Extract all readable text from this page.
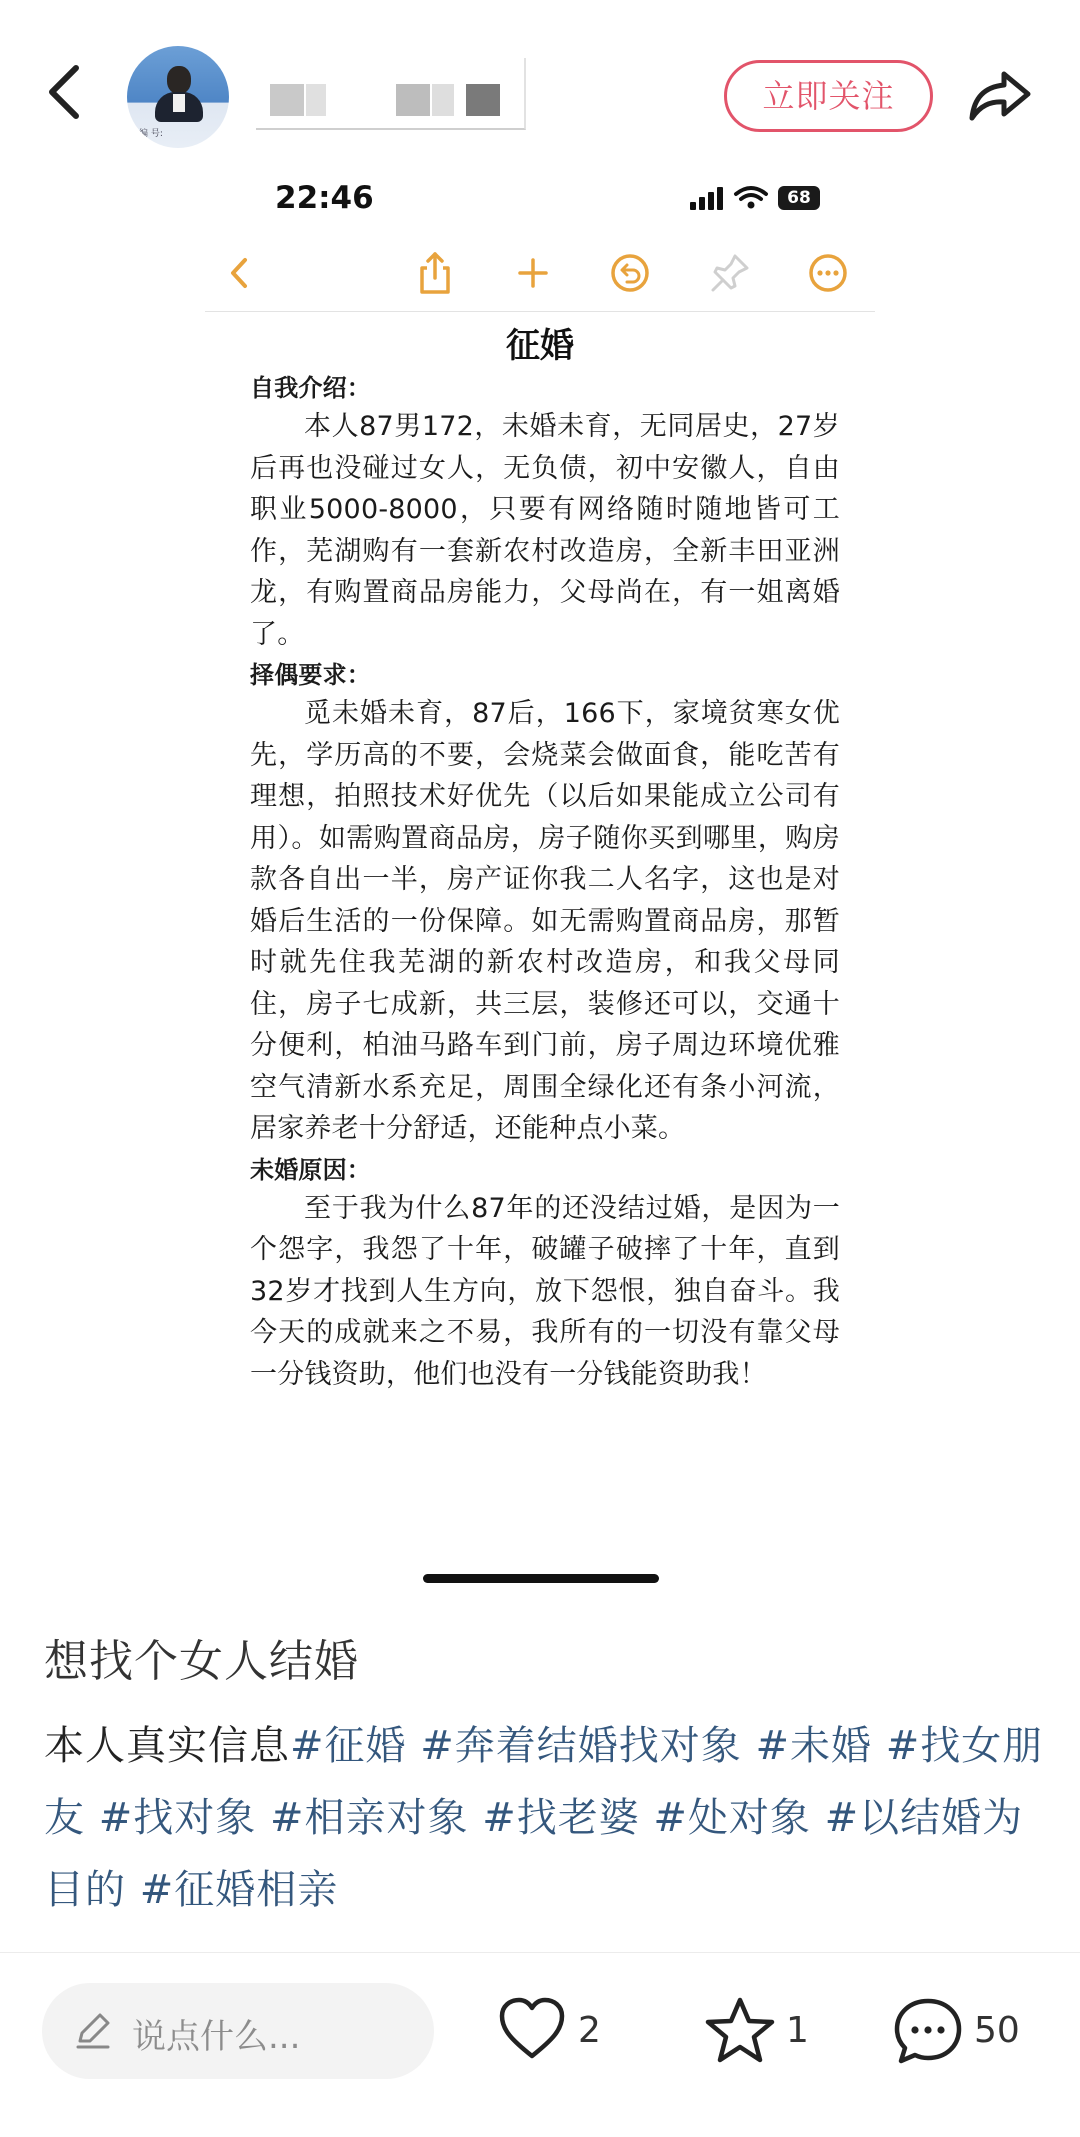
编 号:
立即关注
22:46	68
征婚
自我介绍：

本人87男172，未婚未育，无同居史，27岁后再也没碰过女人，无负债，初中安徽人，自由职业5000-8000，只要有网络随时随地皆可工作，芜湖购有一套新农村改造房，全新丰田亚洲龙，有购置商品房能力，父母尚在，有一姐离婚了。

择偶要求：

觅未婚未育，87后，166下，家境贫寒女优先，学历高的不要，会烧菜会做面食，能吃苦有理想，拍照技术好优先（以后如果能成立公司有用）。如需购置商品房，房子随你买到哪里，购房款各自出一半，房产证你我二人名字，这也是对婚后生活的一份保障。如无需购置商品房，那暂时就先住我芜湖的新农村改造房，和我父母同住，房子七成新，共三层，装修还可以，交通十分便利，柏油马路车到门前，房子周边环境优雅空气清新水系充足，周围全绿化还有条小河流，居家养老十分舒适，还能种点小菜。

未婚原因：

至于我为什么87年的还没结过婚，是因为一个怨字，我怨了十年，破罐子破摔了十年，直到32岁才找到人生方向，放下怨恨，独自奋斗。我今天的成就来之不易，我所有的一切没有靠父母一分钱资助，他们也没有一分钱能资助我！

想找个女人结婚
本人真实信息#征婚 #奔着结婚找对象 #未婚 #找女朋友 #找对象 #相亲对象 #找老婆 #处对象 #以结婚为目的 #征婚相亲
说点什么...	2	1	50
